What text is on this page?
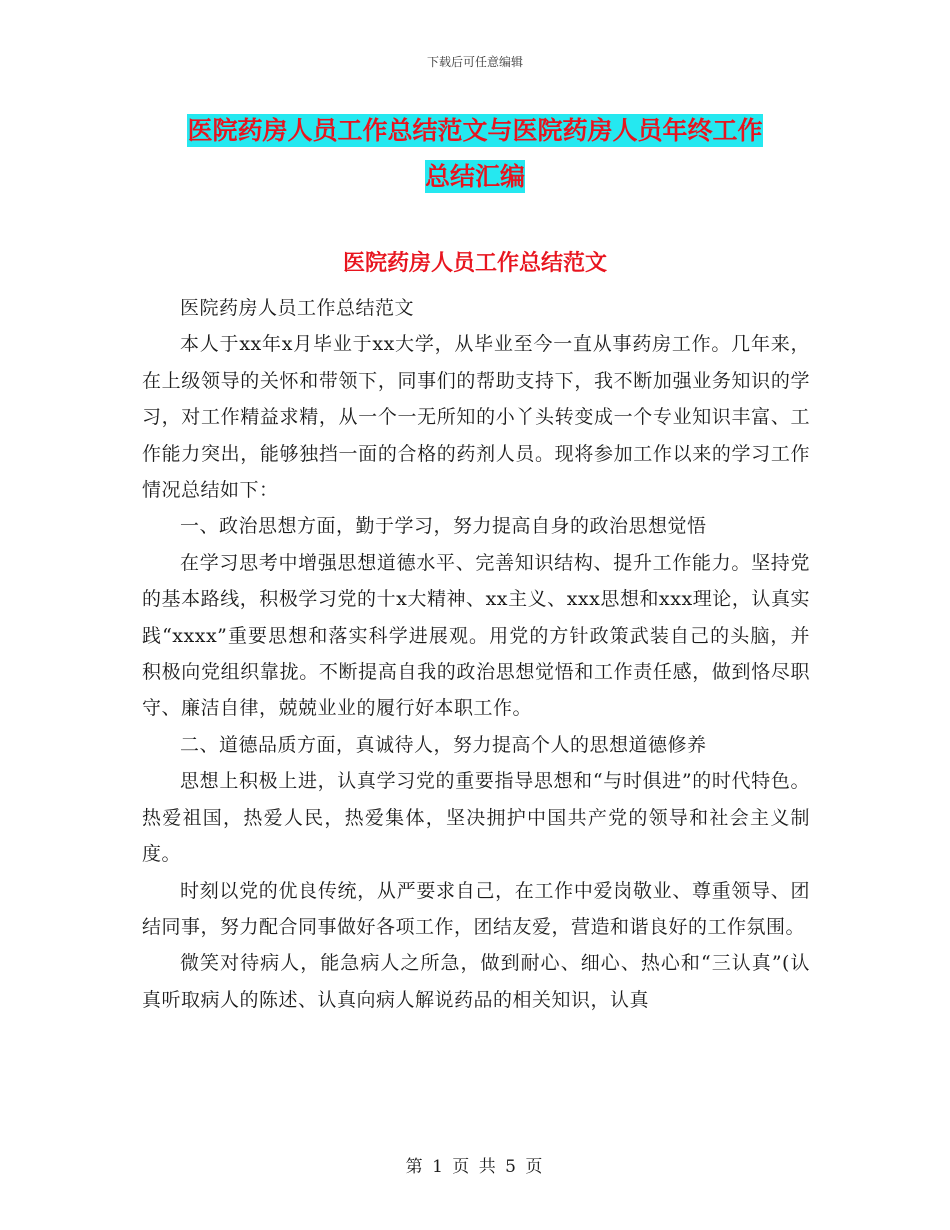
下载后可任意编辑
医院药房人员工作总结范文与医院药房人员年终工作
总结汇编
医院药房人员工作总结范文

医院药房人员工作总结范文

本人于xx年x月毕业于xx大学，从毕业至今一直从事药房工作。几年来，在上级领导的关怀和带领下，同事们的帮助支持下，我不断加强业务知识的学习，对工作精益求精，从一个一无所知的小丫头转变成一个专业知识丰富、工作能力突出，能够独挡一面的合格的药剂人员。现将参加工作以来的学习工作情况总结如下：

一、政治思想方面，勤于学习，努力提高自身的政治思想觉悟

在学习思考中增强思想道德水平、完善知识结构、提升工作能力。坚持党的基本路线，积极学习党的十x大精神、xx主义、xxx思想和xxx理论，认真实践“xxxx”重要思想和落实科学进展观。用党的方针政策武装自己的头脑，并积极向党组织靠拢。不断提高自我的政治思想觉悟和工作责任感，做到恪尽职守、廉洁自律，兢兢业业的履行好本职工作。

二、道德品质方面，真诚待人，努力提高个人的思想道德修养

思想上积极上进，认真学习党的重要指导思想和“与时俱进”的时代特色。热爱祖国，热爱人民，热爱集体，坚决拥护中国共产党的领导和社会主义制度。

时刻以党的优良传统，从严要求自己，在工作中爱岗敬业、尊重领导、团结同事，努力配合同事做好各项工作，团结友爱，营造和谐良好的工作氛围。

微笑对待病人，能急病人之所急，做到耐心、细心、热心和“三认真”(认真听取病人的陈述、认真向病人解说药品的相关知识，认真

第 1 页 共 5 页
